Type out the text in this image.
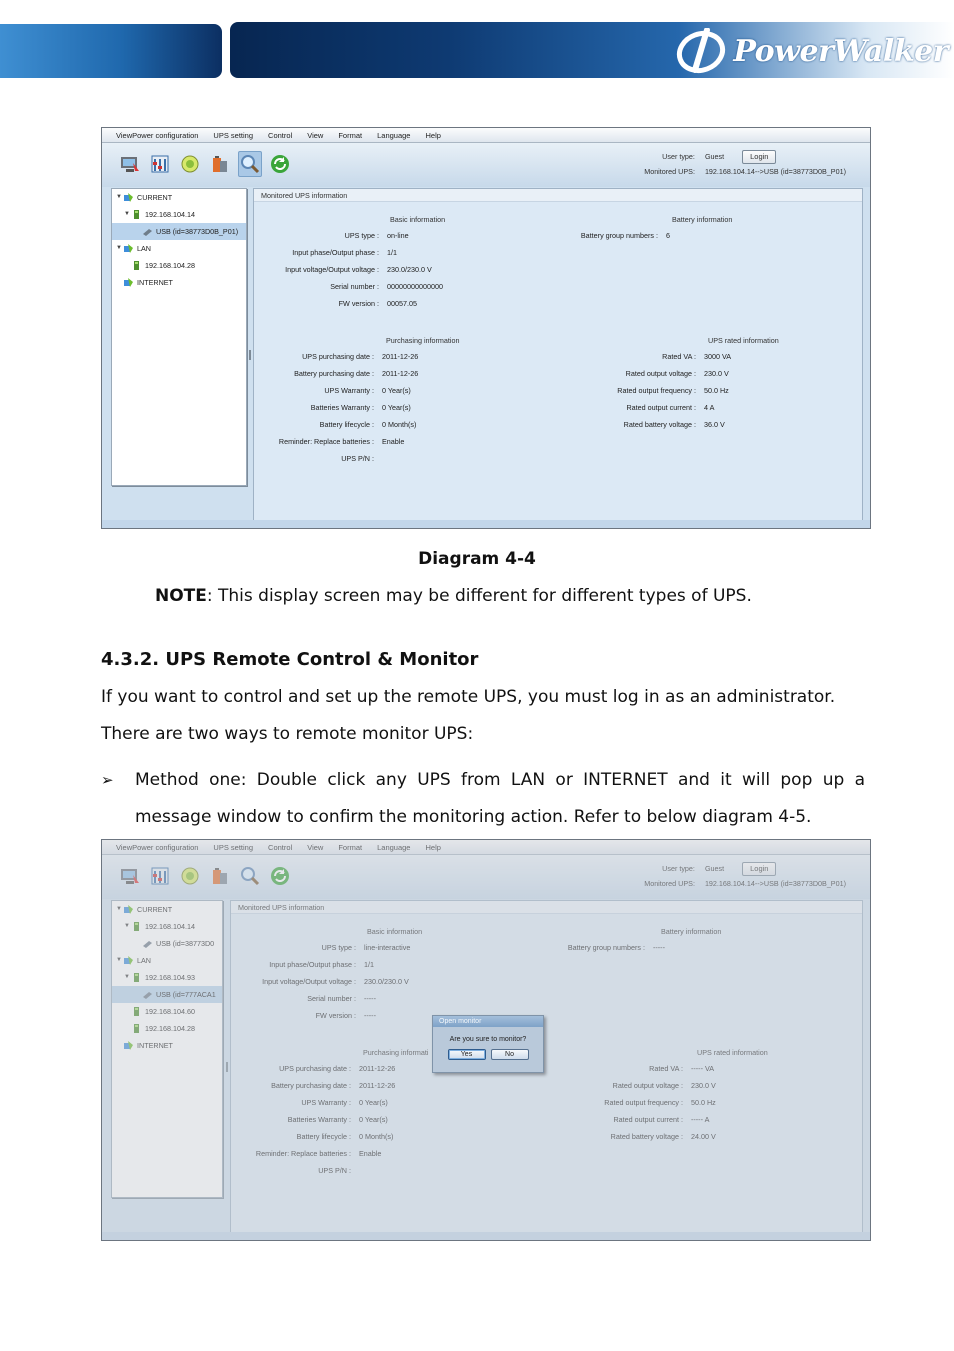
PowerWalker
ViewPower configuration UPS setting Control View Format Language Help
User type: Guest	Login
Monitored UPS: 192.168.104.14-->USB (id=38773D0B_P01)
▼ CURRENT
▼ 192.168.104.14
USB (id=38773D0B_P01)
▼ LAN
192.168.104.28
INTERNET
Monitored UPS information
Basic information	Battery information
UPS type : on-line
Input phase/Output phase : 1/1
Input voltage/Output voltage : 230.0/230.0 V
Serial number : 00000000000000
FW version : 00057.05
Battery group numbers : 6
Purchasing information	UPS rated information
UPS purchasing date : 2011-12-26
Battery purchasing date : 2011-12-26
UPS Warranty : 0 Year(s)
Batteries Warranty : 0 Year(s)
Battery lifecycle : 0 Month(s)
Reminder: Replace batteries : Enable
UPS P/N :
Rated VA : 3000 VA
Rated output voltage : 230.0 V
Rated output frequency : 50.0 Hz
Rated output current : 4 A
Rated battery voltage : 36.0 V
Diagram 4-4
NOTE: This display screen may be different for different types of UPS.
4.3.2. UPS Remote Control & Monitor
If you want to control and set up the remote UPS, you must log in as an administrator.
There are two ways to remote monitor UPS:
➢ Method one: Double click any UPS from LAN or INTERNET and it will pop up a
message window to confirm the monitoring action. Refer to below diagram 4-5.
ViewPower configuration UPS setting Control View Format Language Help
User type: Guest	Login
Monitored UPS: 192.168.104.14-->USB (id=38773D0B_P01)
▼ CURRENT
▼ 192.168.104.14
USB (id=38773D0
▼ LAN
▼ 192.168.104.93
USB (id=777ACA1
192.168.104.60
192.168.104.28
INTERNET
Monitored UPS information
Basic information	Battery information
UPS type : line-interactive
Input phase/Output phase : 1/1
Input voltage/Output voltage : 230.0/230.0 V
Serial number : -----
FW version : -----
Battery group numbers : -----
Purchasing informati	UPS rated information
UPS purchasing date : 2011-12-26
Battery purchasing date : 2011-12-26
UPS Warranty : 0 Year(s)
Batteries Warranty : 0 Year(s)
Battery lifecycle : 0 Month(s)
Reminder: Replace batteries : Enable
UPS P/N :
Rated VA : ----- VA
Rated output voltage : 230.0 V
Rated output frequency : 50.0 Hz
Rated output current : ----- A
Rated battery voltage : 24.00 V
Open monitor
Are you sure to monitor?
Yes	No
